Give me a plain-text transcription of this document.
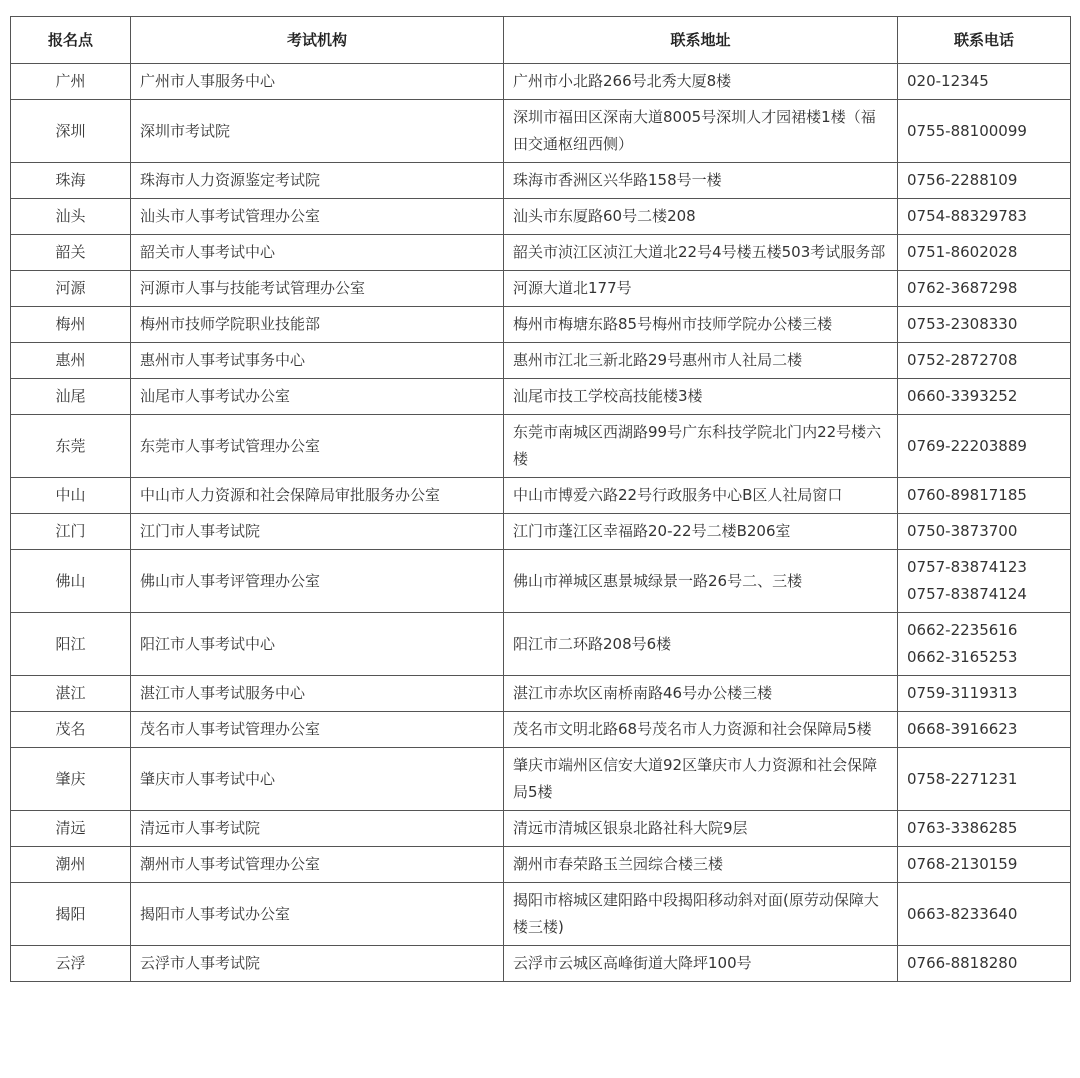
报名点	考试机构	联系地址	联系电话
广州	广州市人事服务中心	广州市小北路266号北秀大厦8楼	020-12345

深圳	深圳市考试院	深圳市福田区深南大道8005号深圳人才园裙楼1楼（福田交通枢纽西侧）	0755-88100099

珠海	珠海市人力资源鉴定考试院	珠海市香洲区兴华路158号一楼	0756-2288109

汕头	汕头市人事考试管理办公室	汕头市东厦路60号二楼208	0754-88329783

韶关	韶关市人事考试中心	韶关市浈江区浈江大道北22号4号楼五楼503考试服务部	0751-8602028

河源	河源市人事与技能考试管理办公室	河源大道北177号	0762-3687298

梅州	梅州市技师学院职业技能部	梅州市梅塘东路85号梅州市技师学院办公楼三楼	0753-2308330

惠州	惠州市人事考试事务中心	惠州市江北三新北路29号惠州市人社局二楼	0752-2872708

汕尾	汕尾市人事考试办公室	汕尾市技工学校高技能楼3楼	0660-3393252

东莞	东莞市人事考试管理办公室	东莞市南城区西湖路99号广东科技学院北门内22号楼六楼	0769-22203889

中山	中山市人力资源和社会保障局审批服务办公室	中山市博爱六路22号行政服务中心B区人社局窗口	0760-89817185

江门	江门市人事考试院	江门市蓬江区幸福路20-22号二楼B206室	0750-3873700

佛山	佛山市人事考评管理办公室	佛山市禅城区惠景城绿景一路26号二、三楼	0757-83874123
0757-83874124

阳江	阳江市人事考试中心	阳江市二环路208号6楼	0662-2235616
0662-3165253

湛江	湛江市人事考试服务中心	湛江市赤坎区南桥南路46号办公楼三楼	0759-3119313

茂名	茂名市人事考试管理办公室	茂名市文明北路68号茂名市人力资源和社会保障局5楼	0668-3916623

肇庆	肇庆市人事考试中心	肇庆市端州区信安大道92区肇庆市人力资源和社会保障局5楼	0758-2271231

清远	清远市人事考试院	清远市清城区银泉北路社科大院9层	0763-3386285

潮州	潮州市人事考试管理办公室	潮州市春荣路玉兰园综合楼三楼	0768-2130159

揭阳	揭阳市人事考试办公室	揭阳市榕城区建阳路中段揭阳移动斜对面(原劳动保障大楼三楼)	0663-8233640

云浮	云浮市人事考试院	云浮市云城区高峰街道大降坪100号	0766-8818280
